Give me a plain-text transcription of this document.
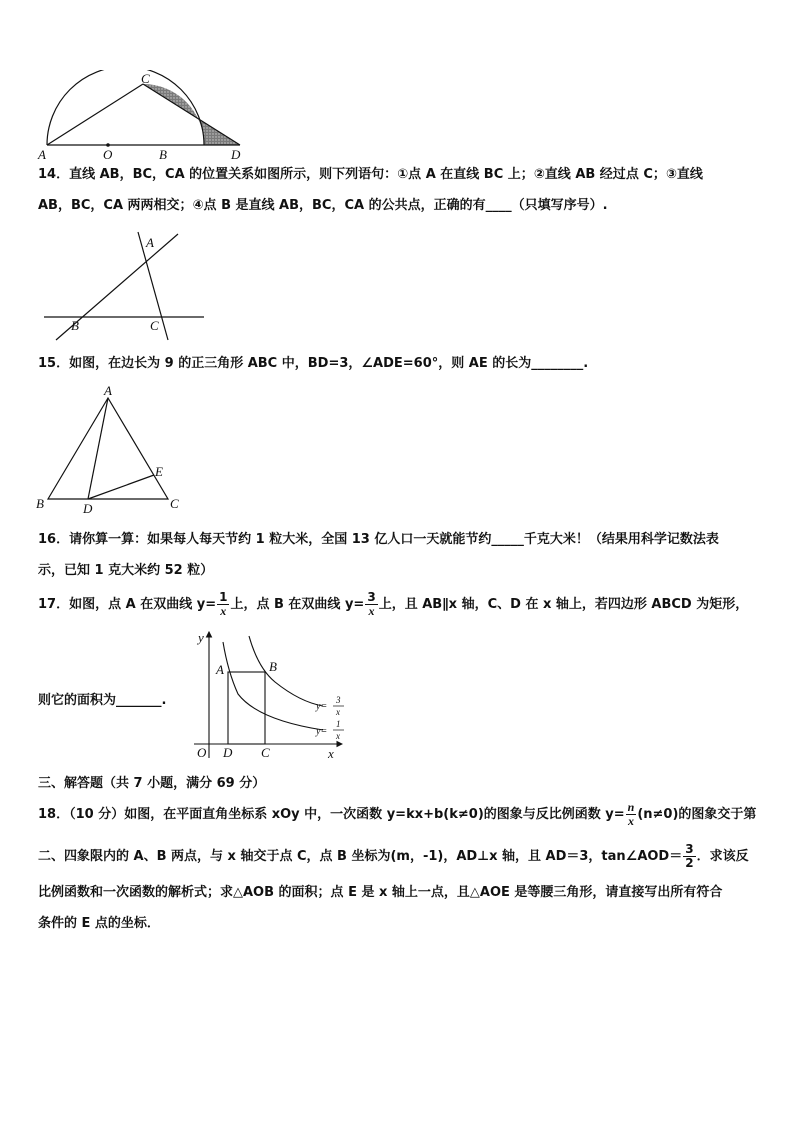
A	O	B	D
C
14．直线 AB，BC，CA 的位置关系如图所示，则下列语句：①点 A 在直线 BC 上；②直线 AB 经过点 C；③直线
AB，BC，CA 两两相交；④点 B 是直线 AB，BC，CA 的公共点，正确的有____（只填写序号）.
A
B	C
15．如图，在边长为 9 的正三角形 ABC 中，BD=3，∠ADE=60°，则 AE 的长为________.
A
B	C
D
E
16．请你算一算：如果每人每天节约 1 粒大米，全国 13 亿人口一天就能节约_____千克大米！（结果用科学记数法表
示，已知 1 克大米约 52 粒）
17．如图，点 A 在双曲线 $y= \frac{1}{x}$ 上，点 B 在双曲线 $y= \frac{3}{x}$ 上，且 AB∥x 轴，C、D 在 x 轴上，若四边形 ABCD 为矩形，
则它的面积为_______.
y
x
O D C
A	B
y=
3
x
y=
1
x
三、解答题（共 7 小题，满分 69 分）
18．（10 分）如图，在平面直角坐标系 xOy 中，一次函数 y=kx+b(k≠0)的图象与反比例函数 $y= \frac{n}{x} (n\ne 0)$的图象交于第
二、四象限内的 A、B 两点，与 x 轴交于点 C，点 B 坐标为(m，-1)，AD⊥x 轴，且 AD＝3，tan∠AOD＝ $\frac{3}{2}$ ．求该反
比例函数和一次函数的解析式；求△AOB 的面积；点 E 是 x 轴上一点，且△AOE 是等腰三角形，请直接写出所有符合
条件的 E 点的坐标．
